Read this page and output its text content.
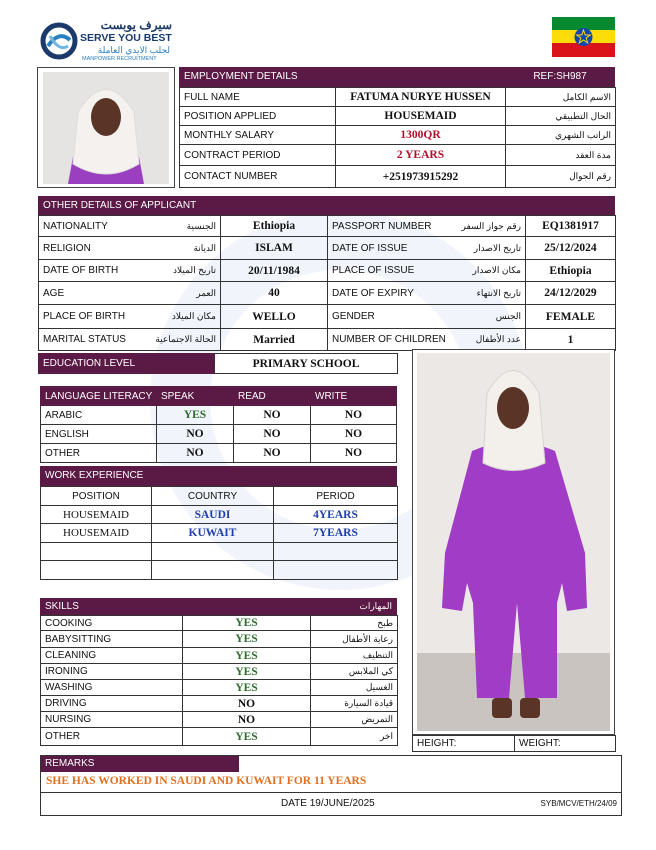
سيرف يوبست
SERVE YOU BEST
لجلب الايدي العاملة
MANPOWER RECRUITMENT
EMPLOYMENT DETAILS	REF:SH987
FULL NAME	FATUMA NURYE HUSSEN	الاسم الكامل
POSITION APPLIED	HOUSEMAID	الحال التطبيقي
MONTHLY SALARY	1300QR	الراتب الشهري
CONTRACT PERIOD	2 YEARS	مدة العقد
CONTACT NUMBER	+251973915292	رقم الجوال
OTHER DETAILS OF APPLICANT
NATIONALITY الجنسية	Ethiopia	PASSPORT NUMBER رقم جواز السفر	EQ1381917

RELIGION الديانة	ISLAM	DATE OF ISSUE تاريخ الاصدار	25/12/2024

DATE OF BIRTH تاريخ الميلاد	20/11/1984	PLACE OF ISSUE مكان الاصدار	Ethiopia

AGE العمر	40	DATE OF EXPIRY تاريخ الانتهاء	24/12/2029

PLACE OF BIRTH مكان الميلاد	WELLO	GENDER الجنس	FEMALE

MARITAL STATUS الحالة الاجتماعية	Married	NUMBER OF CHILDREN عدد الأطفال	1
EDUCATION LEVEL	PRIMARY SCHOOL
LANGUAGE LITERACY	SPEAK	READ	WRITE
ARABIC	YES	NO	NO
ENGLISH	NO	NO	NO
OTHER	NO	NO	NO
WORK EXPERIENCE
POSITION	COUNTRY	PERIOD
HOUSEMAID	SAUDI	4YEARS
HOUSEMAID	KUWAIT	7YEARS

SKILLS	المهارات
COOKING	YES	طبخ
BABYSITTING	YES	رعاية الأطفال
CLEANING	YES	التنظيف
IRONING	YES	كي الملابس
WASHING	YES	الغسيل
DRIVING	NO	قيادة السيارة
NURSING	NO	التمريض
OTHER	YES	اخر
HEIGHT:	WEIGHT:
REMARKS
SHE HAS WORKED IN SAUDI AND KUWAIT FOR 11 YEARS
DATE 19/JUNE/2025	SYB/MCV/ETH/24/09
